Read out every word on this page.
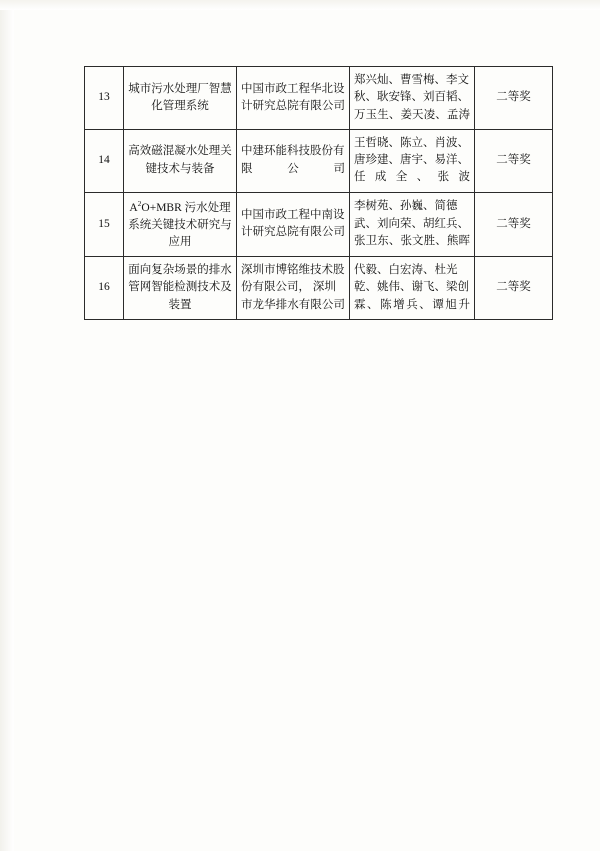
13	城市污水处理厂智慧化管理系统	中国市政工程华北设计研究总院有限公司	郑兴灿、曹雪梅、李文秋、耿安锋、刘百韬、万玉生、姜天凌、孟涛	二等奖
14	高效磁混凝水处理关键技术与装备	中建环能科技股份有限公司	王哲晓、陈立、肖波、唐珍建、唐宇、易洋、任成全、张波	二等奖
15	$A^2O+MBR$ 污水处理系统关键技术研究与应用	中国市政工程中南设计研究总院有限公司	李树苑、孙巍、简德武、刘向荣、胡红兵、张卫东、张文胜、熊晖	二等奖
16	面向复杂场景的排水管网智能检测技术及装置	深圳市博铭维技术股份有限公司， 深圳市龙华排水有限公司	代毅、白宏涛、杜光乾、姚伟、谢飞、梁创霖、陈增兵、谭旭升	二等奖
